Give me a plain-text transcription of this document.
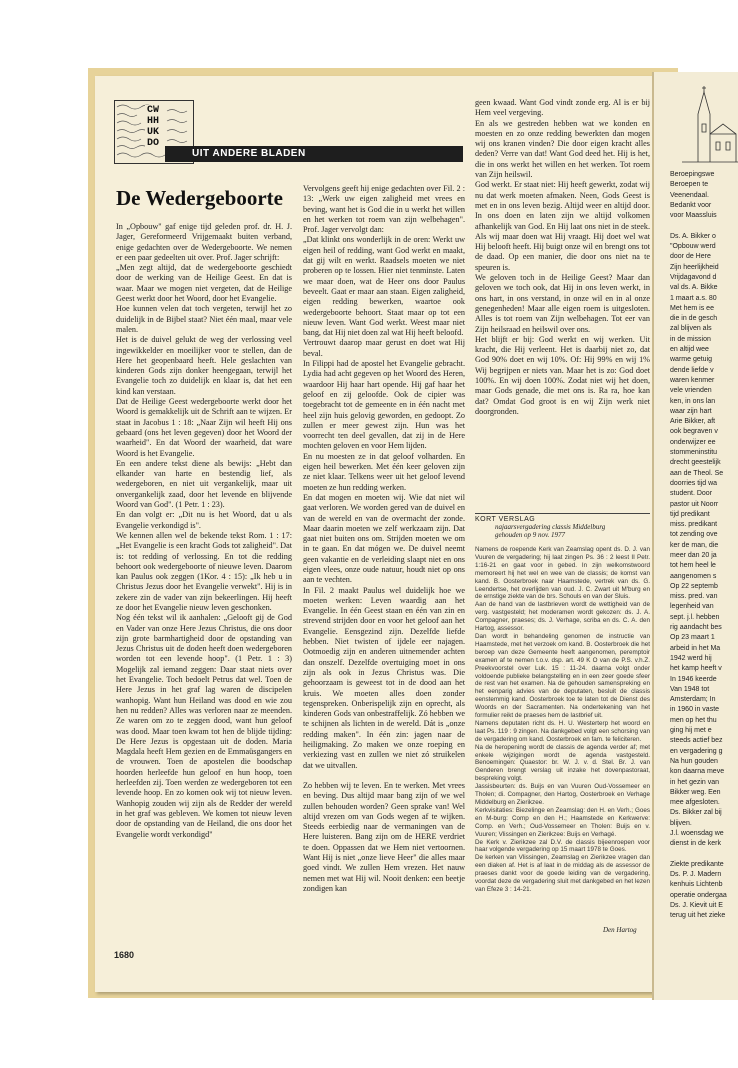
CW
HH
UK
DO
UIT ANDERE BLADEN
De Wedergeboorte

In „Opbouw" gaf enige tijd geleden prof. dr. H. J. Jager, Gereformeerd Vrijgemaakt buiten verband, enige gedachten over de Wedergeboorte. We nemen er een paar gedeelten uit over. Prof. Jager schrijft:

„Men zegt altijd, dat de wedergeboorte geschiedt door de werking van de Heilige Geest. En dat is waar. Maar we mogen niet vergeten, dat de Heilige Geest werkt door het Woord, door het Evangelie.

Hoe kunnen velen dat toch vergeten, terwijl het zo duidelijk in de Bijbel staat? Niet één maal, maar vele malen.

Het is de duivel gelukt de weg der verlossing veel ingewikkelder en moeilijker voor te stellen, dan de Here het geopenbaard heeft. Hele geslachten van kinderen Gods zijn donker heengegaan, terwijl het Evangelie toch zo duidelijk en klaar is, dat het een kind kan verstaan.

Dat de Heilige Geest wedergeboorte werkt door het Woord is gemakkelijk uit de Schrift aan te wijzen. Er staat in Jacobus 1 : 18: „Naar Zijn wil heeft Hij ons gebaard (ons het leven gegeven) door het Woord der waarheid". En dat Woord der waarheid, dat ware Woord is het Evangelie.

En een andere tekst diene als bewijs: „Hebt dan elkander van harte en bestendig lief, als wedergeboren, en niet uit vergankelijk, maar uit onvergankelijk zaad, door het levende en blijvende Woord van God". (1 Petr. 1 : 23).

En dan volgt er: „Dit nu is het Woord, dat u als Evangelie verkondigd is".

We kennen allen wel de bekende tekst Rom. 1 : 17: „Het Evangelie is een kracht Gods tot zaligheid". Dat is: tot redding of verlossing. En tot die redding behoort ook wedergeboorte of nieuwe leven. Daarom kan Paulus ook zeggen (1Kor. 4 : 15): „Ik heb u in Christus Jezus door het Evangelie verwekt". Hij is in zekere zin de vader van zijn bekeerlingen. Hij heeft ze door het Evangelie nieuw leven geschonken.

Nog één tekst wil ik aanhalen: „Gelooft gij de God en Vader van onze Here Jezus Christus, die ons door zijn grote barmhartigheid door de opstanding van Jezus Christus uit de doden heeft doen wedergeboren worden tot een levende hoop". (1 Petr. 1 : 3) Mogelijk zal iemand zeggen: Daar staat niets over het Evangelie. Toch bedoelt Petrus dat wel. Toen de Here Jezus in het graf lag waren de discipelen wanhopig. Want hun Heiland was dood en wie zou hen nu redden? Alles was verloren naar ze meenden. Ze waren om zo te zeggen dood, want hun geloof was dood. Maar toen kwam tot hen de blijde tijding: De Here Jezus is opgestaan uit de doden. Maria Magdala heeft Hem gezien en de Emmaüsgangers en de vrouwen. Toen de apostelen die boodschap hoorden herleefde hun geloof en hun hoop, toen herleefden zij. Toen werden ze wedergeboren tot een levende hoop. En zo komen ook wij tot nieuw leven. Wanhopig zouden wij zijn als de Redder der wereld in het graf was gebleven. We komen tot nieuw leven door de opstanding van de Heiland, die ons door het Evangelie wordt verkondigd"

Vervolgens geeft hij enige gedachten over Fil. 2 : 13: „Werk uw eigen zaligheid met vrees en beving, want het is God die in u werkt het willen en het werken tot roem van zijn welbehagen". Prof. Jager vervolgt dan:

„Dat klinkt ons wonderlijk in de oren: Werkt uw eigen heil of redding, want God werkt en maakt, dat gij wilt en werkt. Raadsels moeten we niet proberen op te lossen. Hier niet tenminste. Laten we maar doen, wat de Heer ons door Paulus beveelt. Gaat er maar aan staan. Eigen zaligheid, eigen redding bewerken, waartoe ook wedergeboorte behoort. Staat maar op tot een nieuw leven. Want God werkt. Weest maar niet bang, dat Hij niet doen zal wat Hij heeft beloofd.

Vertrouwt daarop maar gerust en doet wat Hij beval.

In Filippi had de apostel het Evangelie gebracht. Lydia had acht gegeven op het Woord des Heren, waardoor Hij haar hart opende. Hij gaf haar het geloof en zij geloofde. Ook de cipier was toegebracht tot de gemeente en in één nacht met heel zijn huis gelovig geworden, en gedoopt. Zo zullen er meer gewest zijn. Hun was het voorrecht ten deel gevallen, dat zij in de Here mochten geloven en voor Hem lijden.

En nu moesten ze in dat geloof volharden. En eigen heil bewerken. Met één keer geloven zijn ze niet klaar. Telkens weer uit het geloof levend moeten ze hun redding werken.

En dat mogen en moeten wij. Wie dat niet wil gaat verloren. We worden gered van de duivel en van de wereld en van de overmacht der zonde. Maar daarin moeten we zelf werkzaam zijn. Dat gaat niet buiten ons om. Strijden moeten we om in te gaan. En dat mógen we. De duivel neemt geen vakantie en de verleiding slaapt niet en ons eigen vlees, onze oude natuur, houdt niet op ons aan te vechten.

In Fil. 2 maakt Paulus wel duidelijk hoe we moeten werken: Leven waardig aan het Evangelie. In één Geest staan en één van zin en strevend strijden door en voor het geloof aan het Evangelie. Eensgezind zijn. Dezelfde liefde hebben. Niet twisten of ijdele eer najagen. Ootmoedig zijn en anderen uitnemender achten dan onszelf. Dezelfde overtuiging moet in ons zijn als ook in Jezus Christus was. Die gehoorzaam is geweest tot in de dood aan het kruis. We moeten alles doen zonder tegenspreken. Onberispelijk zijn en oprecht, als kinderen Gods van onbestraffelijk. Zó hebben we te schijnen als lichten in de wereld. Dát is „onze redding maken". In één zin: jagen naar de heiligmaking. Zo maken we onze roeping en verkiezing vast en zullen we niet zó struikelen dat we uitvallen.

Zo hebben wij te leven. En te werken. Met vrees en beving. Dus altijd maar bang zijn of we wel zullen behouden worden? Geen sprake van! Wel altijd vrezen om van Gods wegen af te wijken. Steeds eerbiedig naar de vermaningen van de Here luisteren. Bang zijn om de HERE verdriet te doen. Oppassen dat we Hem niet vertoornen. Want Hij is niet „onze lieve Heer" die alles maar goed vindt. We zullen Hem vrezen. Het nauw nemen met wat Hij wil. Nooit denken: een beetje zondigen kan

geen kwaad. Want God vindt zonde erg. Al is er bij Hem veel vergeving.

En als we gestreden hebben wat we konden en moesten en zo onze redding bewerkten dan mogen wij ons kranen vinden? Die door eigen kracht alles deden? Verre van dat! Want God deed het. Hij is het, die in ons werkt het willen en het werken. Tot roem van Zijn heilswil.

God werkt. Er staat niet: Hij heeft gewerkt, zodat wij nu dat werk moeten afmaken. Neen, Gods Geest is met en in ons leven bezig. Altijd weer en altijd door. In ons doen en laten zijn we altijd volkomen afhankelijk van God. En Hij laat ons niet in de steek. Als wij maar doen wat Hij vraagt. Hij doet wel wat Hij belooft heeft. Hij buigt onze wil en brengt ons tot de daad. Op een manier, die door ons niet na te speuren is.

We geloven toch in de Heilige Geest? Maar dan geloven we toch ook, dat Hij in ons leven werkt, in ons hart, in ons verstand, in onze wil en in al onze genegenheden! Maar alle eigen roem is uitgesloten. Alles is tot roem van Zijn welbehagen. Tot eer van Zijn heilsraad en heilswil over ons.

Het blijft er bij: God werkt en wij werken. Uit kracht, die Hij verleent. Het is daarbij niet zo, dat God 90% doet en wij 10%. Of: Hij 99% en wij 1% Wij begrijpen er niets van. Maar het is zo: God doet 100%. En wij doen 100%. Zodat niet wij het doen, maar Gods genade, die met ons is. Ra ra, hoe kan dat? Omdat God groot is en wij Zijn werk niet doorgronden.

KORT VERSLAG
najaarsvergadering classis Middelburg
gehouden op 9 nov. 1977

Namens de roepende Kerk van Zeamslag opent ds. D. J. van Vuuren de vergadering; hij laat zingen Ps. 36 : 2 leest II Petr. 1:16-21 en gaat voor in gebed. In zijn welkomstwoord memoreert hij het wel en wee van de classis; de komst van kand. B. Oosterbroek naar Haamstede, vertrek van ds. G. Leendertse, het overlijden van oud. J. C. Zwart uit M'burg en de ernstige ziekte van de brs. Schouls en van der Sluis.

Aan de hand van de lastbrieven wordt de wettigheid van de verg. vastgesteld; het moderamen wordt gekozen: ds. J. A. Compagner, praeses; ds. J. Verhage, scriba en ds. C. A. den Hartog, assessor.

Dan wordt in behandeling genomen de instructie van Haamstede, met het verzoek om kand. B. Oosterbroek die het beroep van deze Gemeente heeft aangenomen, peremptoir examen af te nemen t.o.v. dsp. art. 49 K O van de P.S. v.h.Z. Preekvoorstel over Luk. 15 : 11-24. daarna volgt onder voldoende publieke belangstelling en in een zeer goede sfeer de rest van het examen. Na de gehouden samenspreking en het eenparig advies van de deputaten, besluit de classis eenstemmig kand. Oosterbroek toe te laten tot de Dienst des Woords en der Sacramenten. Na ondertekening van het formulier reikt de praeses hem de lastbrief uit.

Namens deputaten richt ds. H. U. Westerterp het woord en laat Ps. 119 : 9 zingen. Na dankgebed volgt een schorsing van de vergadering om kand. Oosterbroek en fam. te feliciteren.

Na de heropening wordt de classis de agenda verder af; met enkele wijzigingen wordt de agenda vastgesteld. Benoemingen: Quaestor: br. W. J. v. d. Stel. Br. J. van Genderen brengt verslag uit inzake het dovenpastoraat, bespreking volgt.

Jassisbeurten: ds. Buijs en van Vuuren Oud-Vossemeer en Tholen; di. Compagner, den Hartog, Oosterbroek en Verhage Middelburg en Zierikzee.

Kerkvisitaties: Biezelinge en Zeamslag: den H. en Verh.; Goes en M-burg: Comp en den H.; Haamstede en Kerkwerve: Comp. en Verh.; Oud-Vossemeer en Tholen: Buijs en v. Vuuren; Vlissingen en Zierikzee: Buijs en Verhagé.

De Kerk v. Zierikzee zal D.V. de classis bijeenroepen voor haar volgende vergadering op 15 maart 1978 te Goes.

De kerken van Vlissingen, Zeamslag en Zierikzee vragen dan een diaken af. Het is af laat in de middag als de assessor de praeses dankt voor de goede leiding van de vergadering, voordat deze de vergadering sluit met dankgebed en het lezen van Efeze 3 : 14-21.

Den Hartog
1680
Beroepingswe
Beroepen te
Veenendaal.
Bedankt voor
voor Maassluis
Ds. A. Bikker o
"Opbouw werd
door de Here
Zijn heerlijkheid
Vrijdagavond d
val ds. A. Bikke
1 maart a.s. 80
Met hem is ee
die in de gesch
zal blijven als
in de mission
en altijd wee
warme getuig
dende liefde v
waren kenmer
vele vrienden
ken, in ons lan
waar zijn hart
Arie Bikker, aft
ook begraven v
onderwijzer ee
stommeninstitu
drecht geestelijk
aan de Theol. Se
doorries tijd wa
student. Door
pastor uit Noorr
tijd predikant
miss. predikant
tot zending ove
ker de man, die
meer dan 20 ja
tot hem heel le
aangenomen s
Op 22 septemb
miss. pred. van
legenheid van
sept. j.l. hebben
rig aandacht bes
Op 23 maart 1
arbeid in het Ma
1942 werd hij
het kamp heeft v
In 1946 keerde
Van 1948 tot
Amsterdam; In
in 1960 in vaste
men op het thu
ging hij met e
steeds actief bez
en vergadering g
Na hun gouden
kon daarna meve
in het gezin van
Bikker weg. Een
mee afgesloten.
Ds. Bikker zal bij
blijven.
J.l. woensdag we
dienst in de kerk
Ziekte predikante
Ds. P. J. Madern
kenhuis Lichtenb
operatie ondergaa
Ds. J. Kievit uit E
terug uit het zieke
